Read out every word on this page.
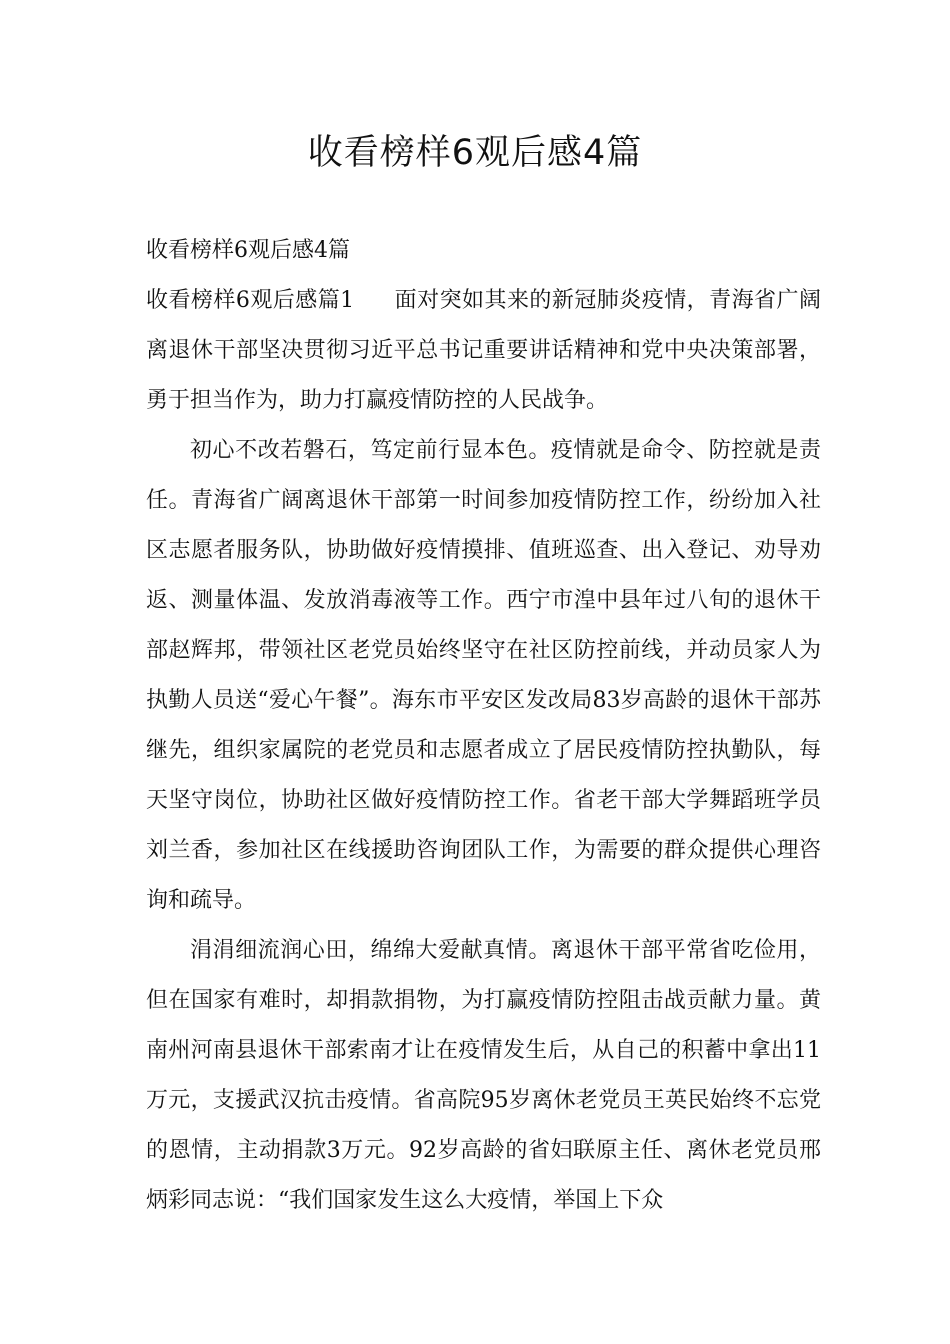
收看榜样6观后感4篇

收看榜样6观后感4篇

收看榜样6观后感篇1 面对突如其来的新冠肺炎疫情，青海省广阔离退休干部坚决贯彻习近平总书记重要讲话精神和党中央决策部署，勇于担当作为，助力打赢疫情防控的人民战争。

初心不改若磐石，笃定前行显本色。疫情就是命令、防控就是责任。青海省广阔离退休干部第一时间参加疫情防控工作，纷纷加入社区志愿者服务队，协助做好疫情摸排、值班巡查、出入登记、劝导劝返、测量体温、发放消毒液等工作。西宁市湟中县年过八旬的退休干部赵辉邦，带领社区老党员始终坚守在社区防控前线，并动员家人为执勤人员送“爱心午餐”。海东市平安区发改局83岁高龄的退休干部苏继先，组织家属院的老党员和志愿者成立了居民疫情防控执勤队，每天坚守岗位，协助社区做好疫情防控工作。省老干部大学舞蹈班学员刘兰香，参加社区在线援助咨询团队工作，为需要的群众提供心理咨询和疏导。

涓涓细流润心田，绵绵大爱献真情。离退休干部平常省吃俭用，但在国家有难时，却捐款捐物，为打赢疫情防控阻击战贡献力量。黄南州河南县退休干部索南才让在疫情发生后，从自己的积蓄中拿出11万元，支援武汉抗击疫情。省高院95岁离休老党员王英民始终不忘党的恩情，主动捐款3万元。92岁高龄的省妇联原主任、离休老党员邢炳彩同志说：“我们国家发生这么大疫情，举国上下众
